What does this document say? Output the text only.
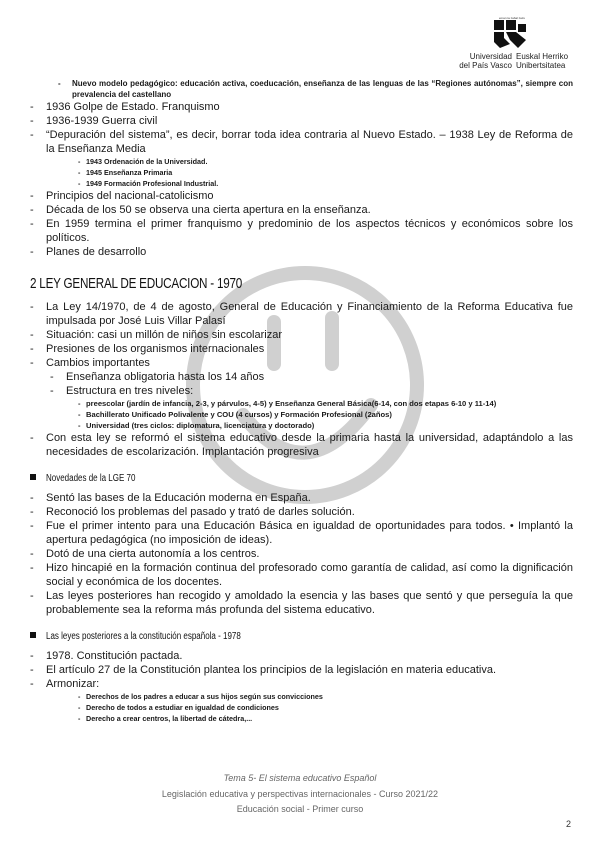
eman ta zabal zazu
Universidad
del País Vasco
Euskal Herriko
Unibertsitatea
- Nuevo modelo pedagógico: educación activa, coeducación, enseñanza de las lenguas de las “Regiones autónomas”, siempre con prevalencia del castellano
- 1936 Golpe de Estado. Franquismo
- 1936-1939 Guerra civil
- “Depuración del sistema”, es decir, borrar toda idea contraria al Nuevo Estado. – 1938 Ley de Reforma de la Enseñanza Media
- 1943 Ordenación de la Universidad.
- 1945 Enseñanza Primaria
- 1949 Formación Profesional Industrial.
- Principios del nacional-catolicismo
- Década de los 50 se observa una cierta apertura en la enseñanza.
- En 1959 termina el primer franquismo y predominio de los aspectos técnicos y económicos sobre los políticos.
- Planes de desarrollo
2 LEY GENERAL DE EDUCACION - 1970
- La Ley 14/1970, de 4 de agosto, General de Educación y Financiamiento de la Reforma Educativa fue impulsada por José Luis Villar Palasí
- Situación: casi un millón de niños sin escolarizar
- Presiones de los organismos internacionales
- Cambios importantes
- Enseñanza obligatoria hasta los 14 años
- Estructura en tres niveles:
- preescolar (jardín de infancia, 2-3, y párvulos, 4-5) y Enseñanza General Básica(6-14, con dos etapas 6-10 y 11-14)
- Bachillerato Unificado Polivalente y COU (4 cursos) y Formación Profesional (2años)
- Universidad (tres ciclos: diplomatura, licenciatura y doctorado)
- Con esta ley se reformó el sistema educativo desde la primaria hasta la universidad, adaptándolo a las necesidades de escolarización. Implantación progresiva
Novedades de la LGE 70
- Sentó las bases de la Educación moderna en España.
- Reconoció los problemas del pasado y trató de darles solución.
- Fue el primer intento para una Educación Básica en igualdad de oportunidades para todos. • Implantó la apertura pedagógica (no imposición de ideas).
- Dotó de una cierta autonomía a los centros.
- Hizo hincapié en la formación continua del profesorado como garantía de calidad, así como la dignificación social y económica de los docentes.
- Las leyes posteriores han recogido y amoldado la esencia y las bases que sentó y que perseguía la que probablemente sea la reforma más profunda del sistema educativo.
Las leyes posteriores a la constitución española - 1978
- 1978. Constitución pactada.
- El artículo 27 de la Constitución plantea los principios de la legislación en materia educativa.
- Armonizar:
- Derechos de los padres a educar a sus hijos según sus convicciones
- Derecho de todos a estudiar en igualdad de condiciones
- Derecho a crear centros, la libertad de cátedra,...
Tema 5- El sistema educativo Español
Legislación educativa y perspectivas internacionales - Curso 2021/22
Educación social - Primer curso
2
